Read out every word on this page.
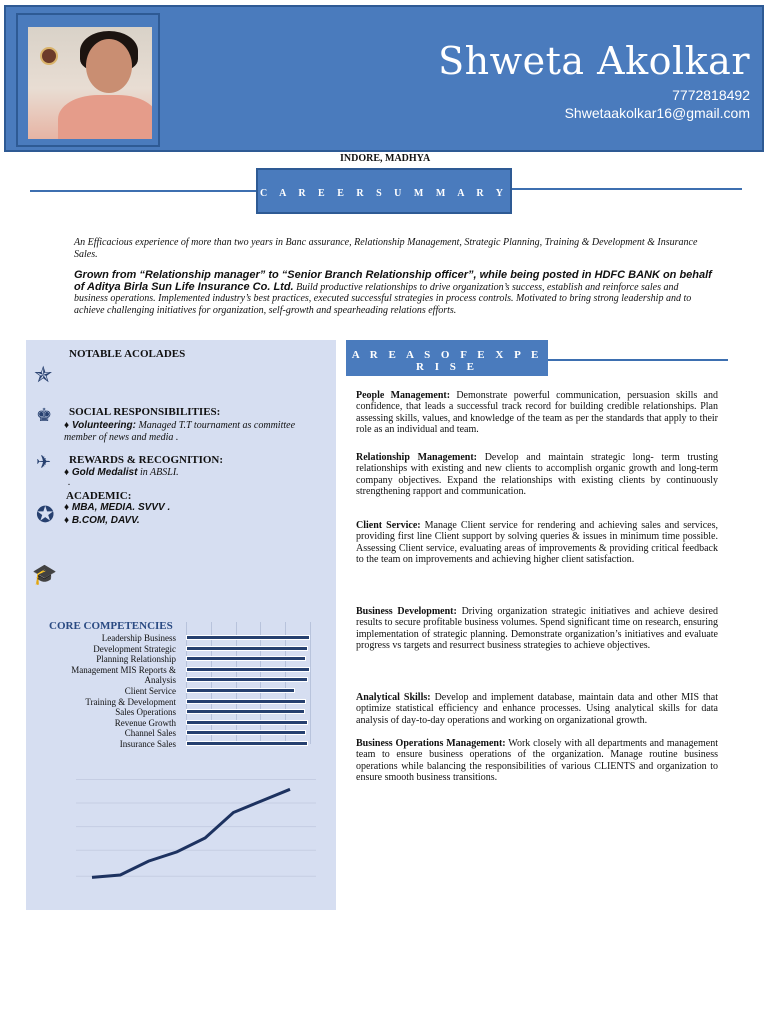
Shweta Akolkar
7772818492
Shwetaakolkar16@gmail.com
INDORE, MADHYA
C A R E E R S U M M A R Y
An Efficacious experience of more than two years in Banc assurance, Relationship Management, Strategic Planning, Training & Development & Insurance Sales.
Grown from “Relationship manager” to “Senior Branch Relationship officer”, while being posted in HDFC BANK on behalf of Aditya Birla Sun Life Insurance Co. Ltd. Build productive relationships to drive organization’s success, establish and reinforce sales and business operations. Implemented industry’s best practices, executed successful strategies in process controls. Motivated to bring strong leadership and to achieve challenging initiatives for organization, self-growth and spearheading relations efforts.
NOTABLE ACOLADES
✯
♚ SOCIAL RESPONSIBILITIES:
♦ Volunteering: Managed T.T tournament as committee member of news and media .
✈ REWARDS & RECOGNITION:
♦ Gold Medalist in ABSLI.
.
ACADEMIC:
✪ ♦ MBA, MEDIA. SVVV .
♦ B.COM, DAVV.
🎓
CORE COMPETENCIES
Leadership Business
Development Strategic
Planning Relationship
Management MIS Reports &
Analysis
Client Service
Training & Development
Sales Operations
Revenue Growth
Channel Sales
Insurance Sales
A R E A S O F E X P E R I S E
People Management: Demonstrate powerful communication, persuasion skills and confidence, that leads a successful track record for building credible relationships. Plan assessing skills, values, and knowledge of the team as per the standards that apply to their role as an individual and team.
Relationship Management: Develop and maintain strategic long- term trusting relationships with existing and new clients to accomplish organic growth and long-term company objectives. Expand the relationships with existing clients by continuously strengthening rapport and communication.
Client Service: Manage Client service for rendering and achieving sales and services, providing first line Client support by solving queries & issues in minimum time possible. Assessing Client service, evaluating areas of improvements & providing critical feedback to the team on improvements and achieving higher client satisfaction.
Business Development: Driving organization strategic initiatives and achieve desired results to secure profitable business volumes. Spend significant time on research, ensuring implementation of strategic planning. Demonstrate organization’s initiatives and evaluate progress vs targets and resurrect business strategies to achieve objectives.
Analytical Skills: Develop and implement database, maintain data and other MIS that optimize statistical efficiency and enhance processes. Using analytical skills for data analysis of day-to-day operations and working on organizational growth.
Business Operations Management: Work closely with all departments and management team to ensure business operations of the organization. Manage routine business operations while balancing the responsibilities of various CLIENTS and organization to ensure smooth business transitions.
